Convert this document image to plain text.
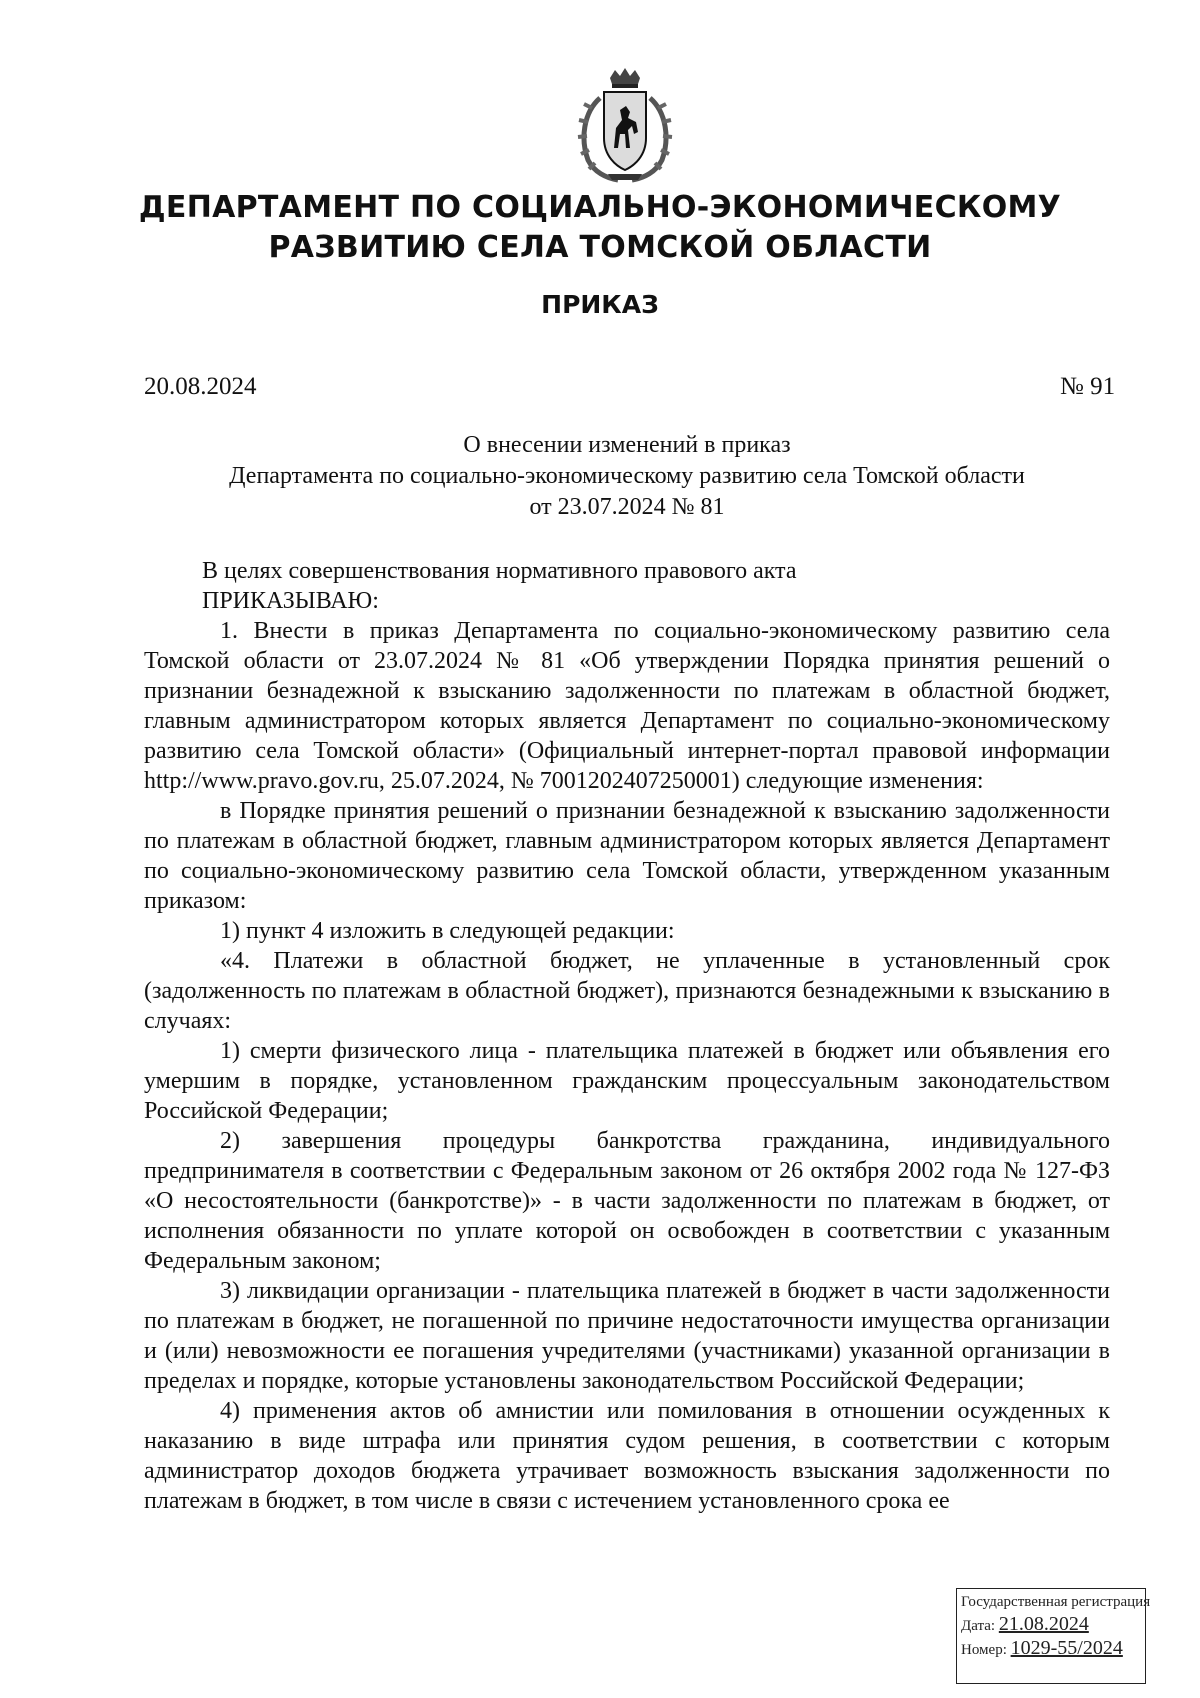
ДЕПАРТАМЕНТ ПО СОЦИАЛЬНО-ЭКОНОМИЧЕСКОМУ
РАЗВИТИЮ СЕЛА ТОМСКОЙ ОБЛАСТИ
ПРИКАЗ
20.08.2024	№ 91
О внесении изменений в приказ
Департамента по социально-экономическому развитию села Томской области
от 23.07.2024 № 81

В целях совершенствования нормативного правового акта

ПРИКАЗЫВАЮ:

1. Внести в приказ Департамента по социально-экономическому развитию села Томской области от 23.07.2024 № 81 «Об утверждении Порядка принятия решений о признании безнадежной к взысканию задолженности по платежам в областной бюджет, главным администратором которых является Департамент по социально-экономическому развитию села Томской области» (Официальный интернет-портал правовой информации http://www.pravo.gov.ru, 25.07.2024, № 7001202407250001) следующие изменения:

в Порядке принятия решений о признании безнадежной к взысканию задолженности по платежам в областной бюджет, главным администратором которых является Департамент по социально-экономическому развитию села Томской области, утвержденном указанным приказом:

1) пункт 4 изложить в следующей редакции:

«4. Платежи в областной бюджет, не уплаченные в установленный срок (задолженность по платежам в областной бюджет), признаются безнадежными к взысканию в случаях:

1) смерти физического лица - плательщика платежей в бюджет или объявления его умершим в порядке, установленном гражданским процессуальным законодательством Российской Федерации;

2) завершения процедуры банкротства гражданина, индивидуального предпринимателя в соответствии с Федеральным законом от 26 октября 2002 года № 127-ФЗ «О несостоятельности (банкротстве)» - в части задолженности по платежам в бюджет, от исполнения обязанности по уплате которой он освобожден в соответствии с указанным Федеральным законом;

3) ликвидации организации - плательщика платежей в бюджет в части задолженности по платежам в бюджет, не погашенной по причине недостаточности имущества организации и (или) невозможности ее погашения учредителями (участниками) указанной организации в пределах и порядке, которые установлены законодательством Российской Федерации;

4) применения актов об амнистии или помилования в отношении осужденных к наказанию в виде штрафа или принятия судом решения, в соответствии с которым администратор доходов бюджета утрачивает возможность взыскания задолженности по платежам в бюджет, в том числе в связи с истечением установленного срока ее

Государственная регистрация
Дата: 21.08.2024
Номер: 1029-55/2024
